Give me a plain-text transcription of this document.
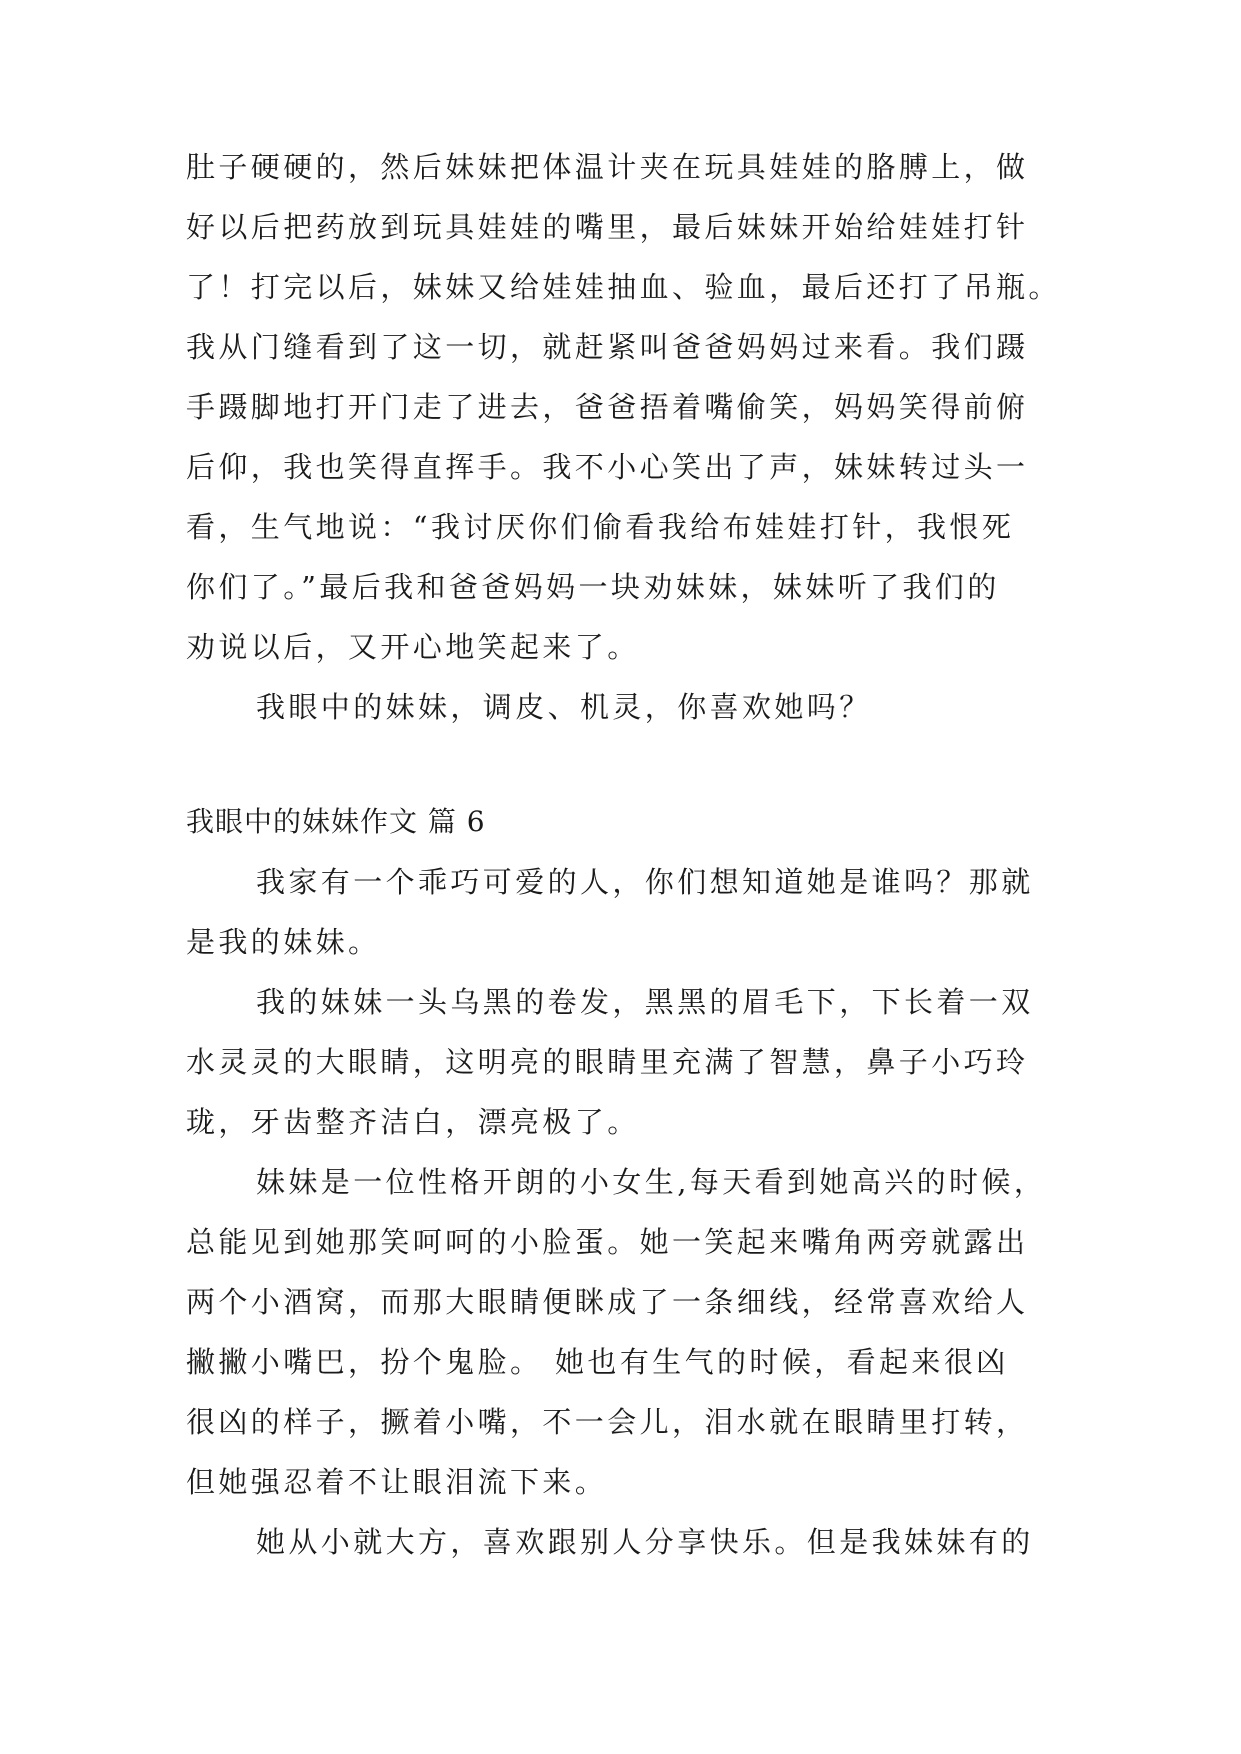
肚子硬硬的，然后妹妹把体温计夹在玩具娃娃的胳膊上，做
好以后把药放到玩具娃娃的嘴里，最后妹妹开始给娃娃打针
了！打完以后，妹妹又给娃娃抽血、验血，最后还打了吊瓶。
我从门缝看到了这一切，就赶紧叫爸爸妈妈过来看。我们蹑
手蹑脚地打开门走了进去，爸爸捂着嘴偷笑，妈妈笑得前俯
后仰，我也笑得直挥手。我不小心笑出了声，妹妹转过头一
看，生气地说：“我讨厌你们偷看我给布娃娃打针，我恨死
你们了。”最后我和爸爸妈妈一块劝妹妹，妹妹听了我们的
劝说以后，又开心地笑起来了。
我眼中的妹妹，调皮、机灵，你喜欢她吗？
我眼中的妹妹作文 篇 6
我家有一个乖巧可爱的人，你们想知道她是谁吗？那就
是我的妹妹。
我的妹妹一头乌黑的卷发，黑黑的眉毛下，下长着一双
水灵灵的大眼睛，这明亮的眼睛里充满了智慧，鼻子小巧玲
珑，牙齿整齐洁白，漂亮极了。
妹妹是一位性格开朗的小女生,每天看到她高兴的时候，
总能见到她那笑呵呵的小脸蛋。她一笑起来嘴角两旁就露出
两个小酒窝，而那大眼睛便眯成了一条细线，经常喜欢给人
撇撇小嘴巴，扮个鬼脸。 她也有生气的时候，看起来很凶
很凶的样子，撅着小嘴，不一会儿，泪水就在眼睛里打转，
但她强忍着不让眼泪流下来。
她从小就大方，喜欢跟别人分享快乐。但是我妹妹有的
